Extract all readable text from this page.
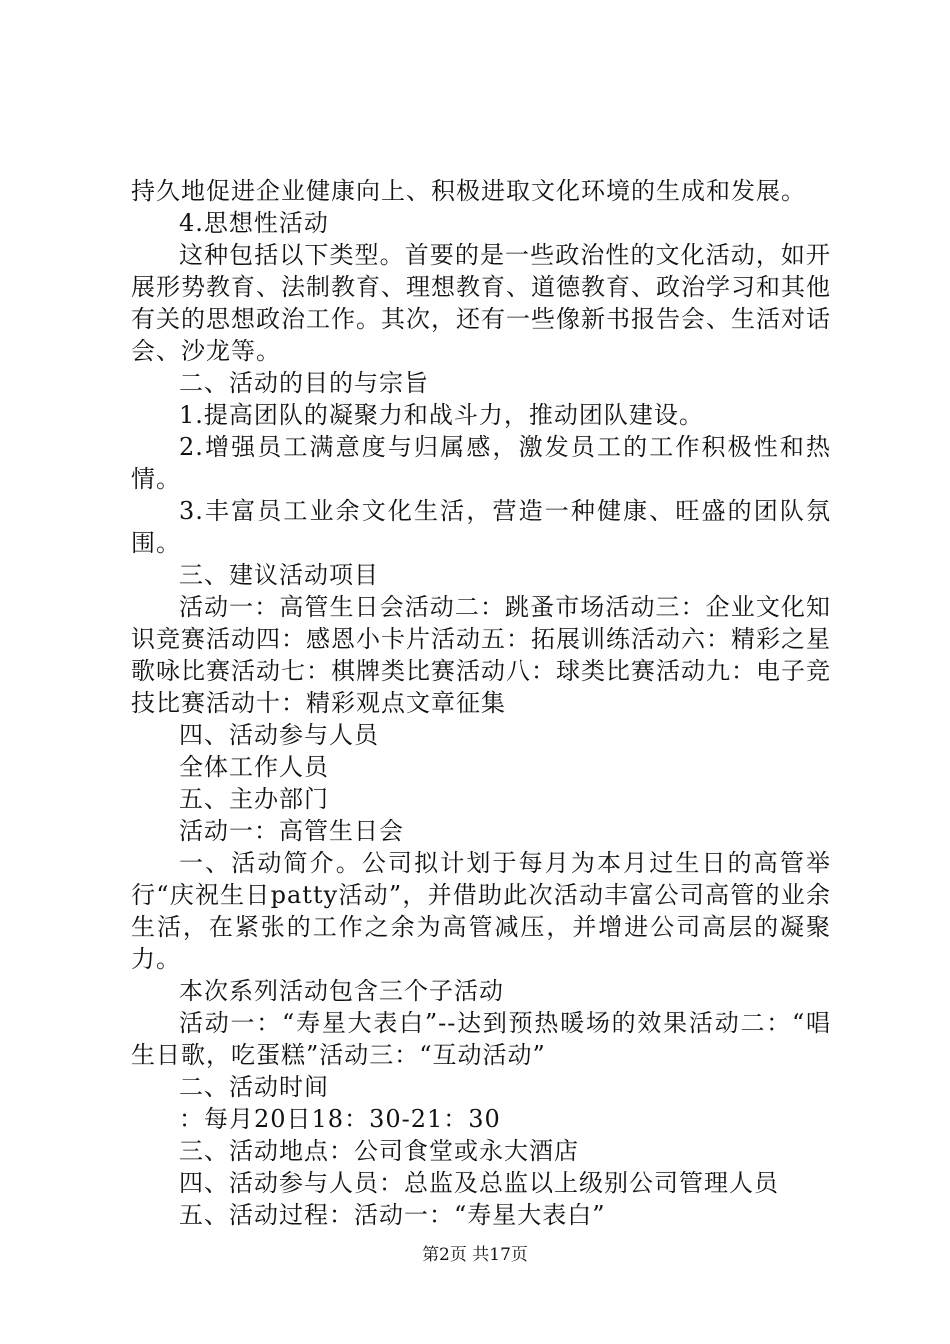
持久地促进企业健康向上、积极进取文化环境的生成和发展。

4.思想性活动

这种包括以下类型。首要的是一些政治性的文化活动，如开展形势教育、法制教育、理想教育、道德教育、政治学习和其他有关的思想政治工作。其次，还有一些像新书报告会、生活对话会、沙龙等。

二、活动的目的与宗旨

1.提高团队的凝聚力和战斗力，推动团队建设。

2.增强员工满意度与归属感，激发员工的工作积极性和热情。

3.丰富员工业余文化生活，营造一种健康、旺盛的团队氛围。

三、建议活动项目

活动一：高管生日会活动二：跳蚤市场活动三：企业文化知识竞赛活动四：感恩小卡片活动五：拓展训练活动六：精彩之星歌咏比赛活动七：棋牌类比赛活动八：球类比赛活动九：电子竞技比赛活动十：精彩观点文章征集

四、活动参与人员

全体工作人员

五、主办部门

活动一：高管生日会

一、活动简介。公司拟计划于每月为本月过生日的高管举行“庆祝生日patty活动”，并借助此次活动丰富公司高管的业余生活，在紧张的工作之余为高管减压，并增进公司高层的凝聚力。

本次系列活动包含三个子活动

活动一：“寿星大表白”--达到预热暖场的效果活动二：“唱生日歌，吃蛋糕”活动三：“互动活动”

二、活动时间

：每月20日18：30-21：30

三、活动地点：公司食堂或永大酒店

四、活动参与人员：总监及总监以上级别公司管理人员

五、活动过程：活动一：“寿星大表白”

第2页 共17页
